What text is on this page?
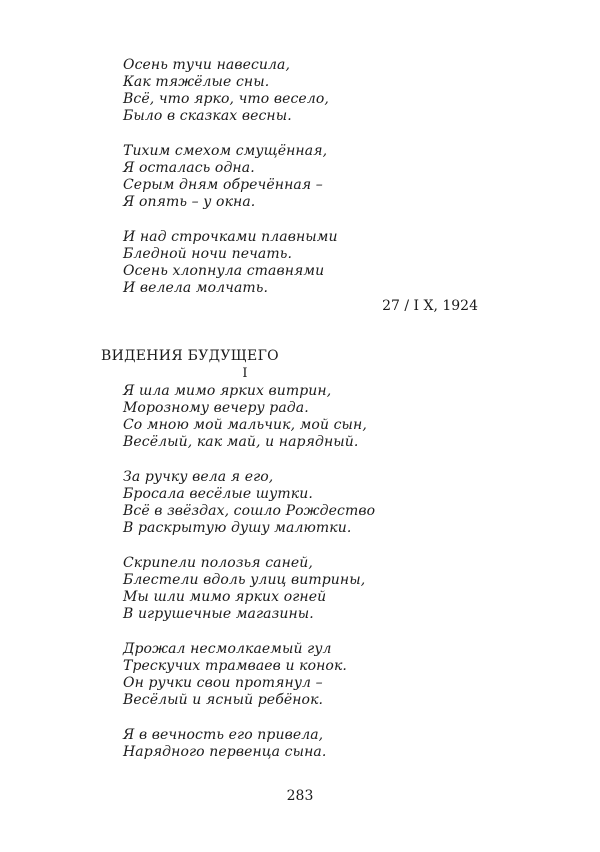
Осень тучи навесила,
Как тяжёлые сны.
Всё, что ярко, что весело,
Было в сказках весны.
Тихим смехом смущённая,
Я осталась одна.
Серым дням обречённая –
Я опять – у окна.
И над строчками плавными
Бледной ночи печать.
Осень хлопнула ставнями
И велела молчать.
27 / I X, 1924
ВИДЕНИЯ БУДУЩЕГО
I
Я шла мимо ярких витрин,
Морозному вечеру рада.
Со мною мой мальчик, мой сын,
Весёлый, как май, и нарядный.
За ручку вела я его,
Бросала весёлые шутки.
Всё в звёздах, сошло Рождество
В раскрытую душу малютки.
Скрипели полозья саней,
Блестели вдоль улиц витрины,
Мы шли мимо ярких огней
В игрушечные магазины.
Дрожал несмолкаемый гул
Трескучих трамваев и конок.
Он ручки свои протянул –
Весёлый и ясный ребёнок.
Я в вечность его привела,
Нарядного первенца сына.
283
